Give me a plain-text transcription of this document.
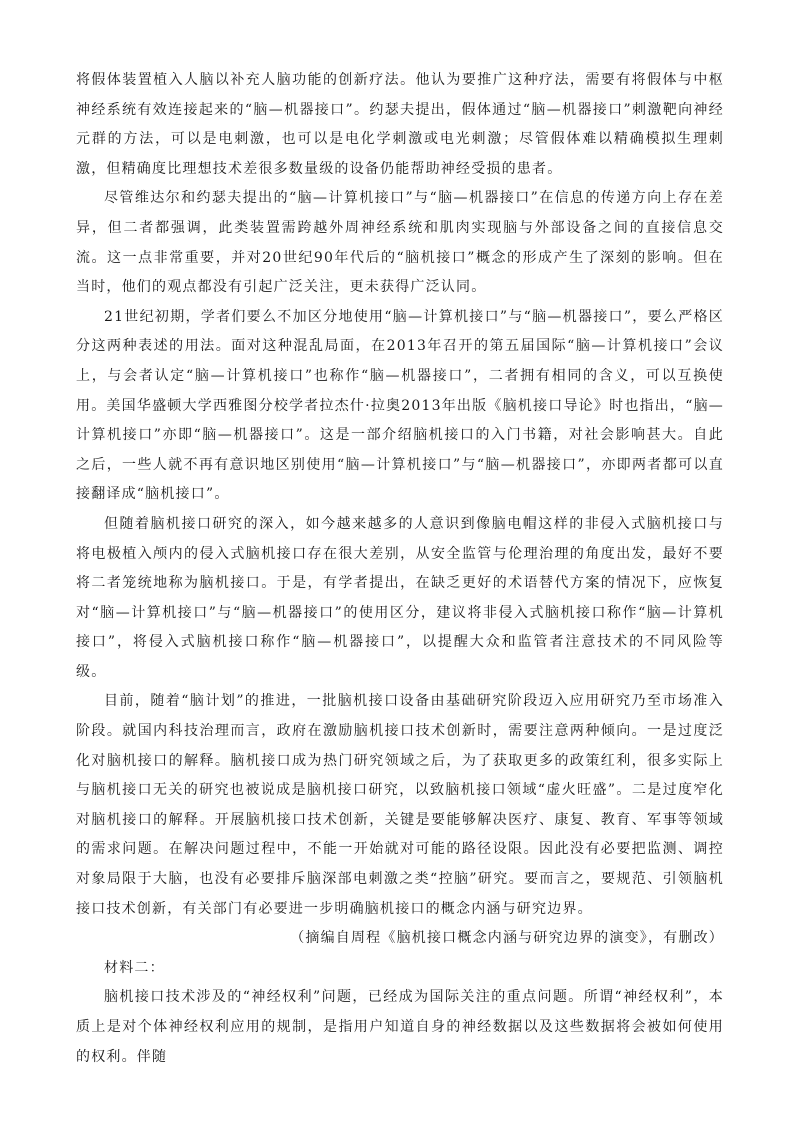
将假体装置植入人脑以补充人脑功能的创新疗法。他认为要推广这种疗法，需要有将假体与中枢神经系统有效连接起来的“脑—机器接口”。约瑟夫提出，假体通过“脑—机器接口”刺激靶向神经元群的方法，可以是电刺激，也可以是电化学刺激或电光刺激；尽管假体难以精确模拟生理刺激，但精确度比理想技术差很多数量级的设备仍能帮助神经受损的患者。

尽管维达尔和约瑟夫提出的“脑—计算机接口”与“脑—机器接口”在信息的传递方向上存在差异，但二者都强调，此类装置需跨越外周神经系统和肌肉实现脑与外部设备之间的直接信息交流。这一点非常重要，并对20世纪90年代后的“脑机接口”概念的形成产生了深刻的影响。但在当时，他们的观点都没有引起广泛关注，更未获得广泛认同。

21世纪初期，学者们要么不加区分地使用“脑—计算机接口”与“脑—机器接口”，要么严格区分这两种表述的用法。面对这种混乱局面，在2013年召开的第五届国际“脑—计算机接口”会议上，与会者认定“脑—计算机接口”也称作“脑—机器接口”，二者拥有相同的含义，可以互换使用。美国华盛顿大学西雅图分校学者拉杰什·拉奥2013年出版《脑机接口导论》时也指出，“脑—计算机接口”亦即“脑—机器接口”。这是一部介绍脑机接口的入门书籍，对社会影响甚大。自此之后，一些人就不再有意识地区别使用“脑—计算机接口”与“脑—机器接口”，亦即两者都可以直接翻译成“脑机接口”。

但随着脑机接口研究的深入，如今越来越多的人意识到像脑电帽这样的非侵入式脑机接口与将电极植入颅内的侵入式脑机接口存在很大差别，从安全监管与伦理治理的角度出发，最好不要将二者笼统地称为脑机接口。于是，有学者提出，在缺乏更好的术语替代方案的情况下，应恢复对“脑—计算机接口”与“脑—机器接口”的使用区分，建议将非侵入式脑机接口称作“脑—计算机接口”，将侵入式脑机接口称作“脑—机器接口”，以提醒大众和监管者注意技术的不同风险等级。

目前，随着“脑计划”的推进，一批脑机接口设备由基础研究阶段迈入应用研究乃至市场准入阶段。就国内科技治理而言，政府在激励脑机接口技术创新时，需要注意两种倾向。一是过度泛化对脑机接口的解释。脑机接口成为热门研究领域之后，为了获取更多的政策红利，很多实际上与脑机接口无关的研究也被说成是脑机接口研究，以致脑机接口领域“虚火旺盛”。二是过度窄化对脑机接口的解释。开展脑机接口技术创新，关键是要能够解决医疗、康复、教育、军事等领域的需求问题。在解决问题过程中，不能一开始就对可能的路径设限。因此没有必要把监测、调控对象局限于大脑，也没有必要排斥脑深部电刺激之类“控脑”研究。要而言之，要规范、引领脑机接口技术创新，有关部门有必要进一步明确脑机接口的概念内涵与研究边界。

（摘编自周程《脑机接口概念内涵与研究边界的演变》，有删改）

材料二：

脑机接口技术涉及的“神经权利”问题，已经成为国际关注的重点问题。所谓“神经权利”，本质上是对个体神经权利应用的规制，是指用户知道自身的神经数据以及这些数据将会被如何使用的权利。伴随
